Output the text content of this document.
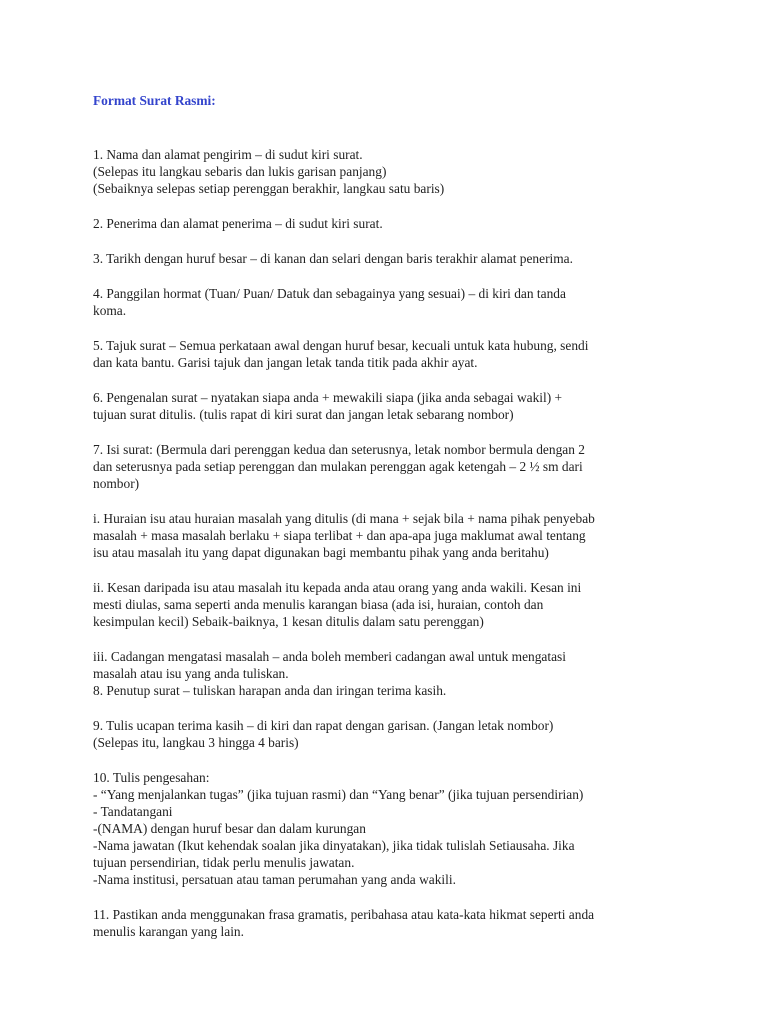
Format Surat Rasmi:
1. Nama dan alamat pengirim – di sudut kiri surat.
(Selepas itu langkau sebaris dan lukis garisan panjang)
(Sebaiknya selepas setiap perenggan berakhir, langkau satu baris)
2. Penerima dan alamat penerima – di sudut kiri surat.
3. Tarikh dengan huruf besar – di kanan dan selari dengan baris terakhir alamat penerima.
4. Panggilan hormat (Tuan/ Puan/ Datuk dan sebagainya yang sesuai) – di kiri dan tanda
koma.
5. Tajuk surat – Semua perkataan awal dengan huruf besar, kecuali untuk kata hubung, sendi
dan kata bantu. Garisi tajuk dan jangan letak tanda titik pada akhir ayat.
6. Pengenalan surat – nyatakan siapa anda + mewakili siapa (jika anda sebagai wakil) +
tujuan surat ditulis. (tulis rapat di kiri surat dan jangan letak sebarang nombor)
7. Isi surat: (Bermula dari perenggan kedua dan seterusnya, letak nombor bermula dengan 2
dan seterusnya pada setiap perenggan dan mulakan perenggan agak ketengah – 2 ½ sm dari
nombor)
i. Huraian isu atau huraian masalah yang ditulis (di mana + sejak bila + nama pihak penyebab
masalah + masa masalah berlaku + siapa terlibat + dan apa-apa juga maklumat awal tentang
isu atau masalah itu yang dapat digunakan bagi membantu pihak yang anda beritahu)
ii. Kesan daripada isu atau masalah itu kepada anda atau orang yang anda wakili. Kesan ini
mesti diulas, sama seperti anda menulis karangan biasa (ada isi, huraian, contoh dan
kesimpulan kecil) Sebaik-baiknya, 1 kesan ditulis dalam satu perenggan)
iii. Cadangan mengatasi masalah – anda boleh memberi cadangan awal untuk mengatasi
masalah atau isu yang anda tuliskan.
8. Penutup surat – tuliskan harapan anda dan iringan terima kasih.
9. Tulis ucapan terima kasih – di kiri dan rapat dengan garisan. (Jangan letak nombor)
(Selepas itu, langkau 3 hingga 4 baris)
10. Tulis pengesahan:
- “Yang menjalankan tugas” (jika tujuan rasmi) dan “Yang benar” (jika tujuan persendirian)
- Tandatangani
-(NAMA) dengan huruf besar dan dalam kurungan
-Nama jawatan (Ikut kehendak soalan jika dinyatakan), jika tidak tulislah Setiausaha. Jika
tujuan persendirian, tidak perlu menulis jawatan.
-Nama institusi, persatuan atau taman perumahan yang anda wakili.
11. Pastikan anda menggunakan frasa gramatis, peribahasa atau kata-kata hikmat seperti anda
menulis karangan yang lain.
